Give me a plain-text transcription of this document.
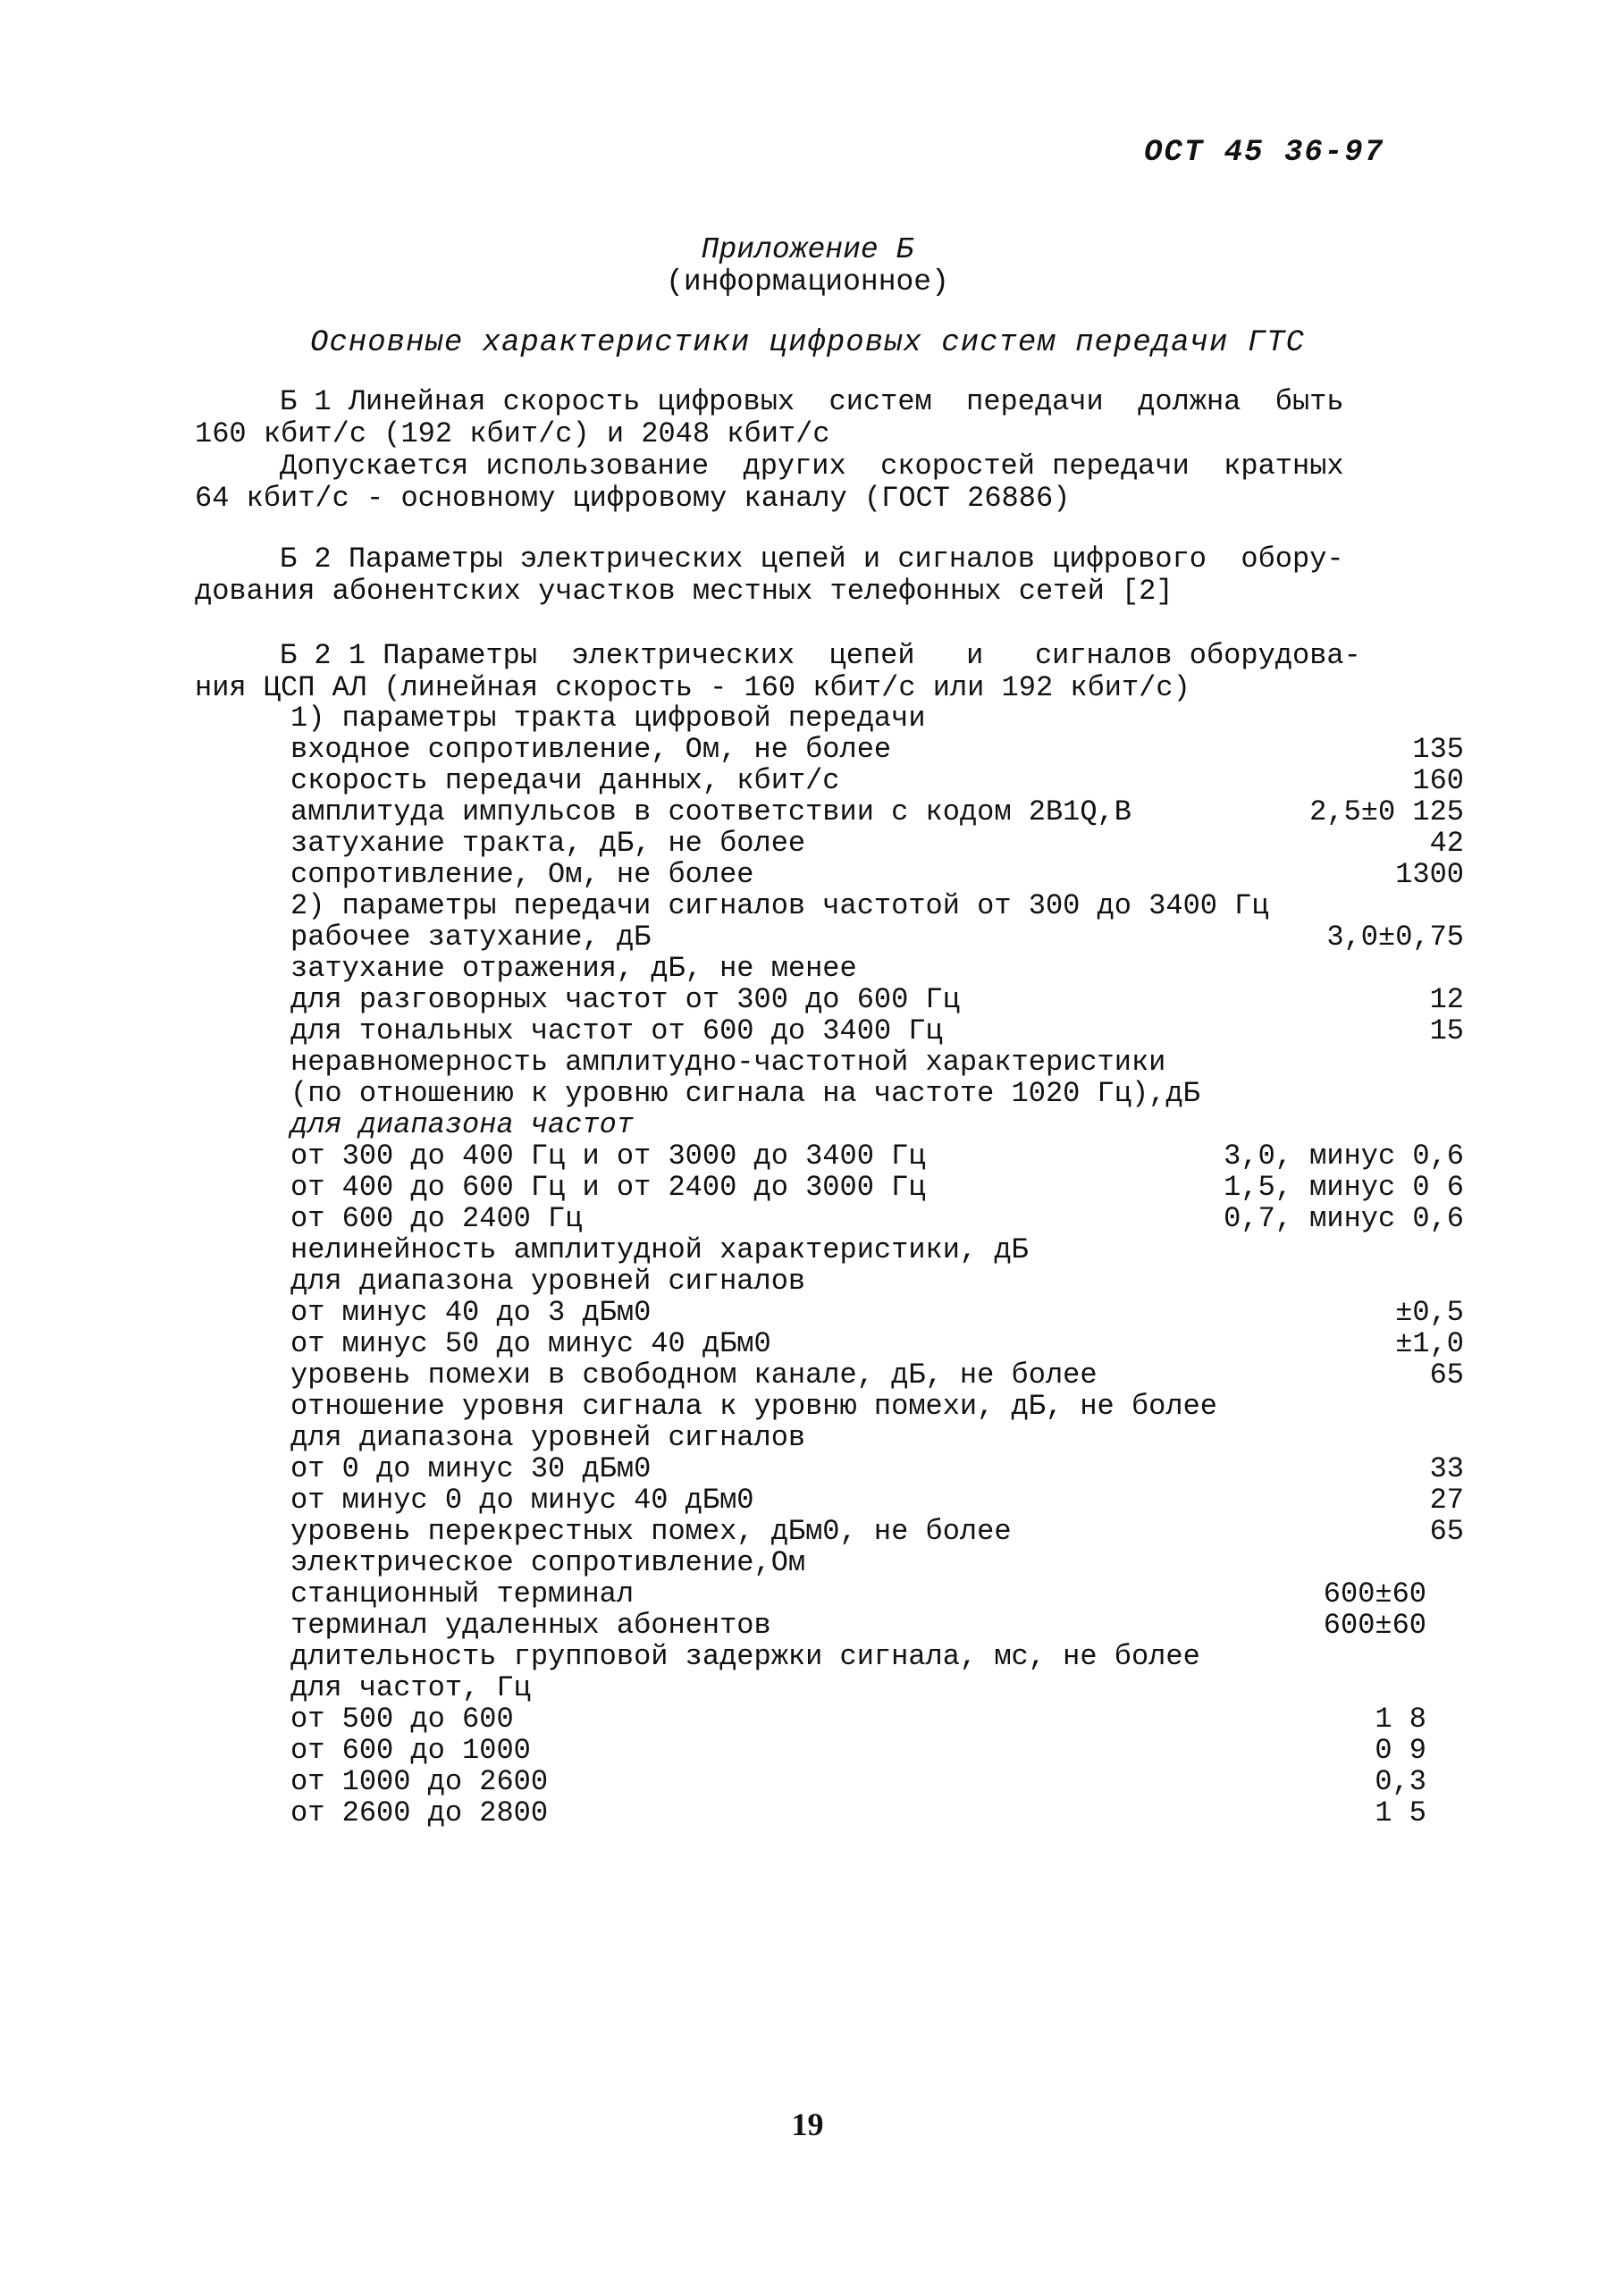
ОСТ 45 36-97
Приложение Б
(информационное)
Основные характеристики цифровых систем передачи ГТС
Б 1 Линейная скорость цифровых  систем  передачи  должна  быть
160 кбит/с (192 кбит/с) и 2048 кбит/с
Допускается использование  других  скоростей передачи  кратных
64 кбит/с - основному цифровому каналу (ГОСТ 26886)
Б 2 Параметры электрических цепей и сигналов цифрового  обору-
дования абонентских участков местных телефонных сетей [2]
Б 2 1 Параметры  электрических  цепей   и   сигналов оборудова-
ния ЦСП АЛ (линейная скорость - 160 кбит/с или 192 кбит/с)
1) параметры тракта цифровой передачи
входное сопротивление, Ом, не более	135
скорость передачи данных, кбит/с	160
амплитуда импульсов в соответствии с кодом 2B1Q,В	2,5±0 125
затухание тракта, дБ, не более	42
сопротивление, Ом, не более	1300
2) параметры передачи сигналов частотой от 300 до 3400 Гц
рабочее затухание, дБ	3,0±0,75
затухание отражения, дБ, не менее
для разговорных частот от 300 до 600 Гц	12
для тональных частот от 600 до 3400 Гц	15
неравномерность амплитудно-частотной характеристики
(по отношению к уровню сигнала на частоте 1020 Гц),дБ
для диапазона частот
от 300 до 400 Гц и от 3000 до 3400 Гц	3,0, минус 0,6
от 400 до 600 Гц и от 2400 до 3000 Гц	1,5, минус 0 6
от 600 до 2400 Гц	0,7, минус 0,6
нелинейность амплитудной характеристики, дБ
для диапазона уровней сигналов
от минус 40 до 3 дБм0	±0,5
от минус 50 до минус 40 дБм0	±1,0
уровень помехи в свободном канале, дБ, не более	65
отношение уровня сигнала к уровню помехи, дБ, не более
для диапазона уровней сигналов
от 0 до минус 30 дБм0	33
от минус 0 до минус 40 дБм0	27
уровень перекрестных помех, дБм0, не более	65
электрическое сопротивление,Ом
станционный терминал	600±60
терминал удаленных абонентов	600±60
длительность групповой задержки сигнала, мс, не более
для частот, Гц
от 500 до 600	1 8
от 600 до 1000	0 9
от 1000 до 2600	0,3
от 2600 до 2800	1 5
19
